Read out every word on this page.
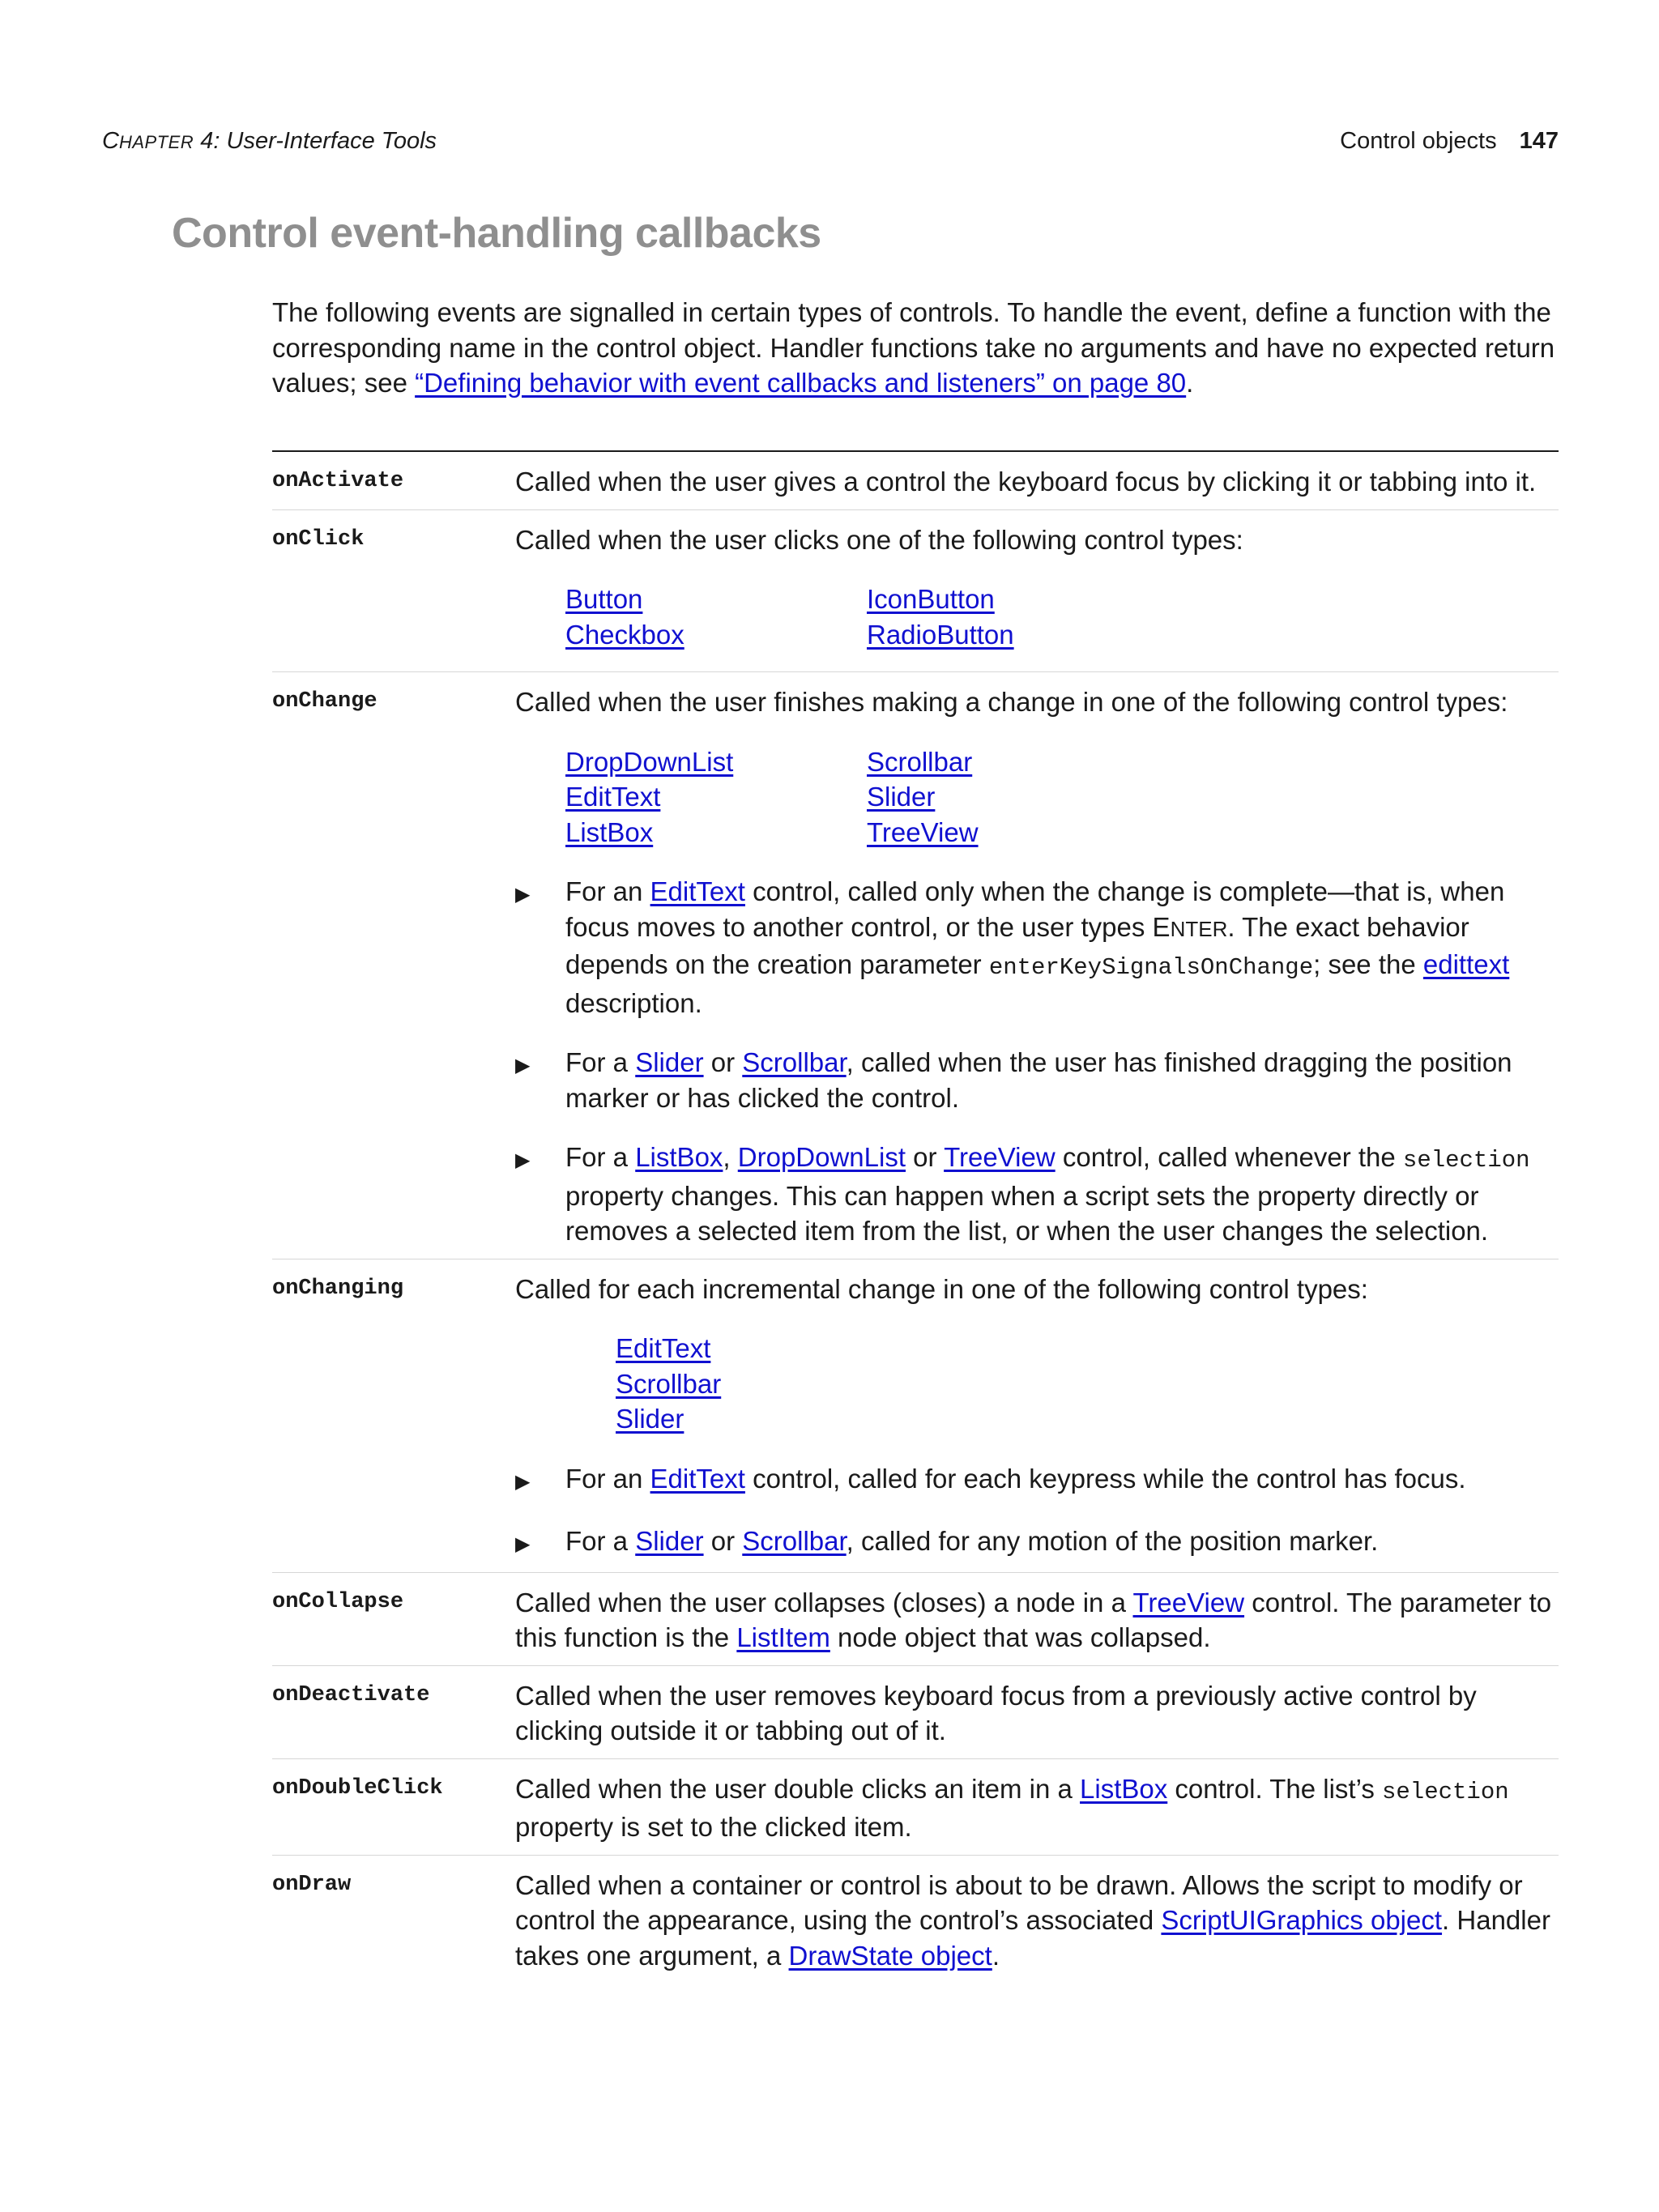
CHAPTER 4: User-Interface Tools	Control objects 147
Control event-handling callbacks

The following events are signalled in certain types of controls. To handle the event, define a function with the corresponding name in the control object. Handler functions take no arguments and have no expected return values; see “Defining behavior with event callbacks and listeners” on page 80.

onActivate	Called when the user gives a control the keyboard focus by clicking it or tabbing into it.

onClick	Called when the user clicks one of the following control types:

Button	IconButton
Checkbox	RadioButton
onChange	Called when the user finishes making a change in one of the following control types:

DropDownList	Scrollbar
EditText	Slider
ListBox	TreeView
▶	For an EditText control, called only when the change is complete—that is, when focus moves to another control, or the user types ENTER. The exact behavior depends on the creation parameter enterKeySignalsOnChange; see the edittext description.
▶	For a Slider or Scrollbar, called when the user has finished dragging the position marker or has clicked the control.
▶	For a ListBox, DropDownList or TreeView control, called whenever the selection property changes. This can happen when a script sets the property directly or removes a selected item from the list, or when the user changes the selection.
onChanging	Called for each incremental change in one of the following control types:

EditText
Scrollbar
Slider
▶	For an EditText control, called for each keypress while the control has focus.
▶	For a Slider or Scrollbar, called for any motion of the position marker.
onCollapse	Called when the user collapses (closes) a node in a TreeView control. The parameter to this function is the ListItem node object that was collapsed.

onDeactivate	Called when the user removes keyboard focus from a previously active control by clicking outside it or tabbing out of it.

onDoubleClick	Called when the user double clicks an item in a ListBox control. The list’s selection property is set to the clicked item.

onDraw	Called when a container or control is about to be drawn. Allows the script to modify or control the appearance, using the control’s associated ScriptUIGraphics object. Handler takes one argument, a DrawState object.
